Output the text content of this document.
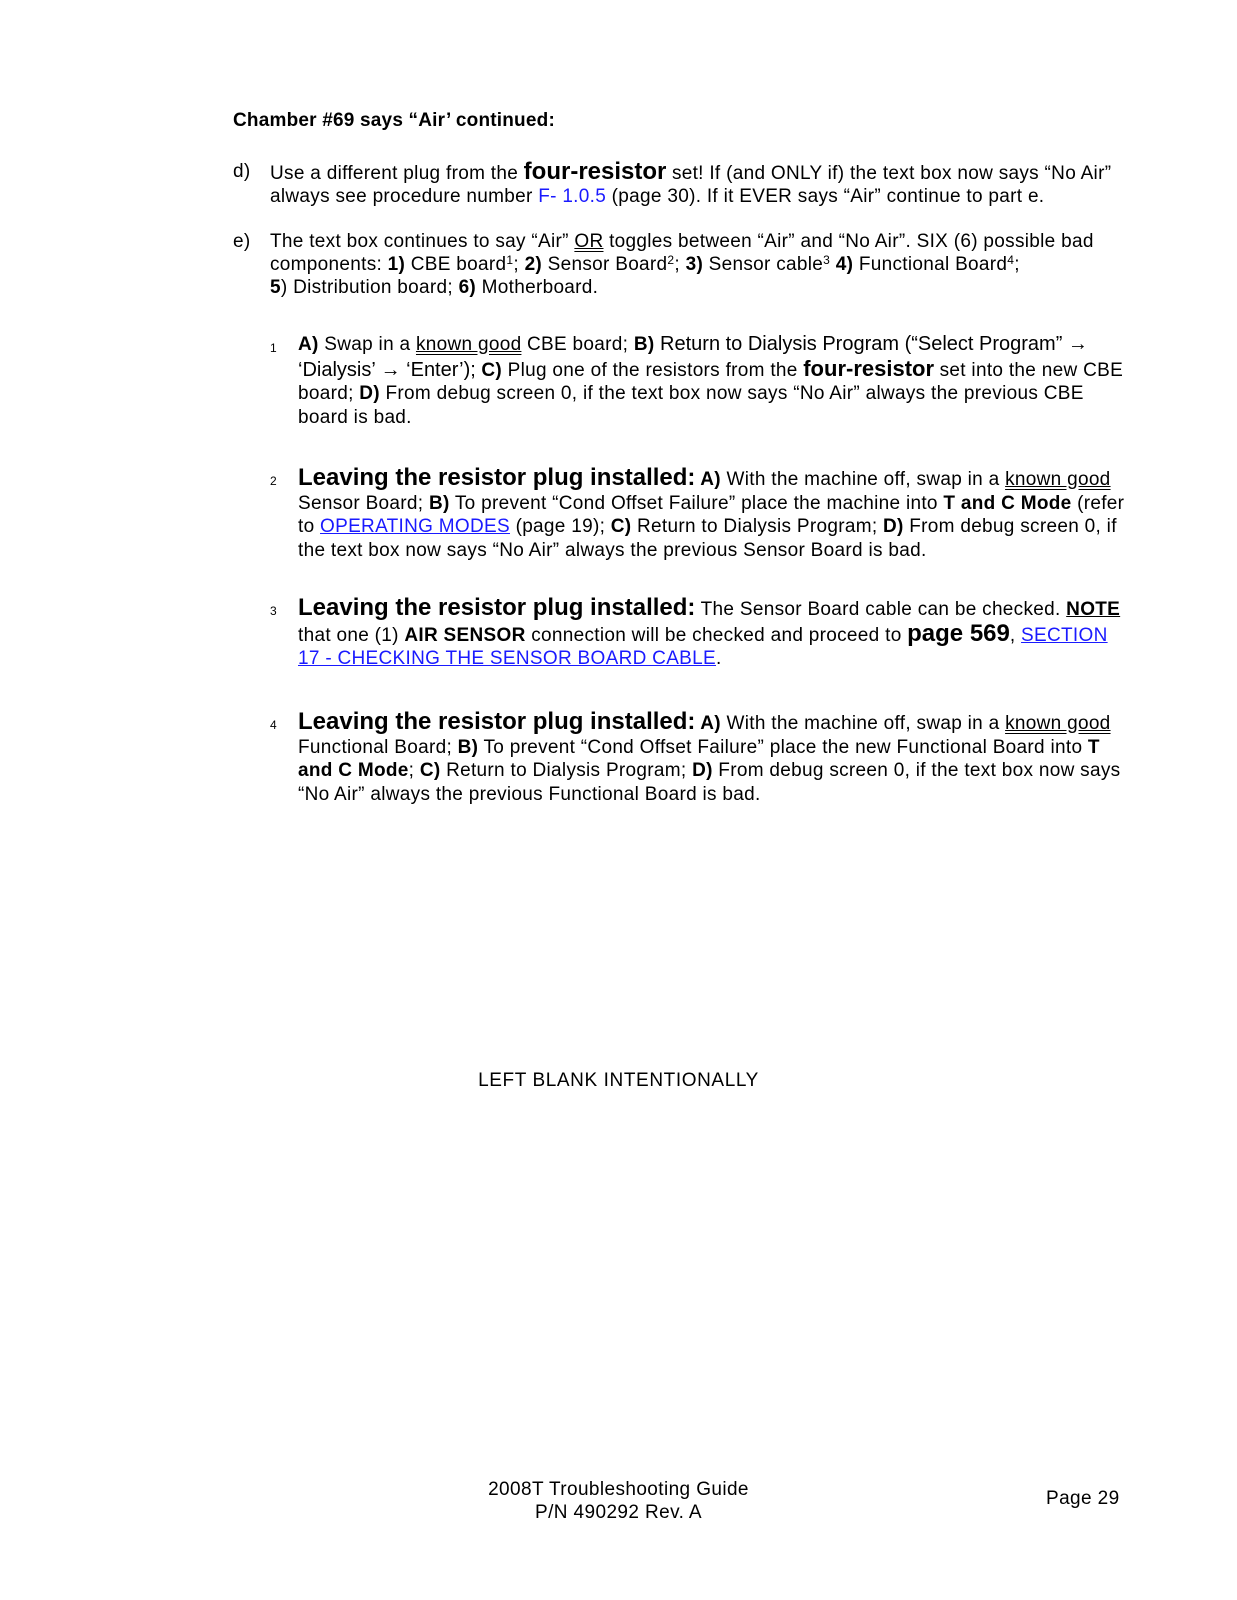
Chamber #69 says “Air’ continued:
d) Use a different plug from the four-resistor set! If (and ONLY if) the text box now says “No Air” always see procedure number F- 1.0.5 (page 30). If it EVER says “Air” continue to part e.
e) The text box continues to say “Air” OR toggles between “Air” and “No Air”. SIX (6) possible bad components: 1) CBE board$^1$; 2) Sensor Board$^2$; 3) Sensor cable$^3$ 4) Functional Board$^4$;
5) Distribution board; 6) Motherboard.
1 A) Swap in a known good CBE board; B) Return to Dialysis Program (“Select Program” → ‘Dialysis’ → ‘Enter’); C) Plug one of the resistors from the four-resistor set into the new CBE board; D) From debug screen 0, if the text box now says “No Air” always the previous CBE board is bad.
2 Leaving the resistor plug installed: A) With the machine off, swap in a known good Sensor Board; B) To prevent “Cond Offset Failure” place the machine into T and C Mode (refer to OPERATING MODES (page 19); C) Return to Dialysis Program; D) From debug screen 0, if the text box now says “No Air” always the previous Sensor Board is bad.
3 Leaving the resistor plug installed: The Sensor Board cable can be checked. NOTE that one (1) AIR SENSOR connection will be checked and proceed to page 569, SECTION 17 - CHECKING THE SENSOR BOARD CABLE.
4 Leaving the resistor plug installed: A) With the machine off, swap in a known good Functional Board; B) To prevent “Cond Offset Failure” place the new Functional Board into T and C Mode; C) Return to Dialysis Program; D) From debug screen 0, if the text box now says “No Air” always the previous Functional Board is bad.
LEFT BLANK INTENTIONALLY
2008T Troubleshooting Guide
P/N 490292 Rev. A
Page 29
